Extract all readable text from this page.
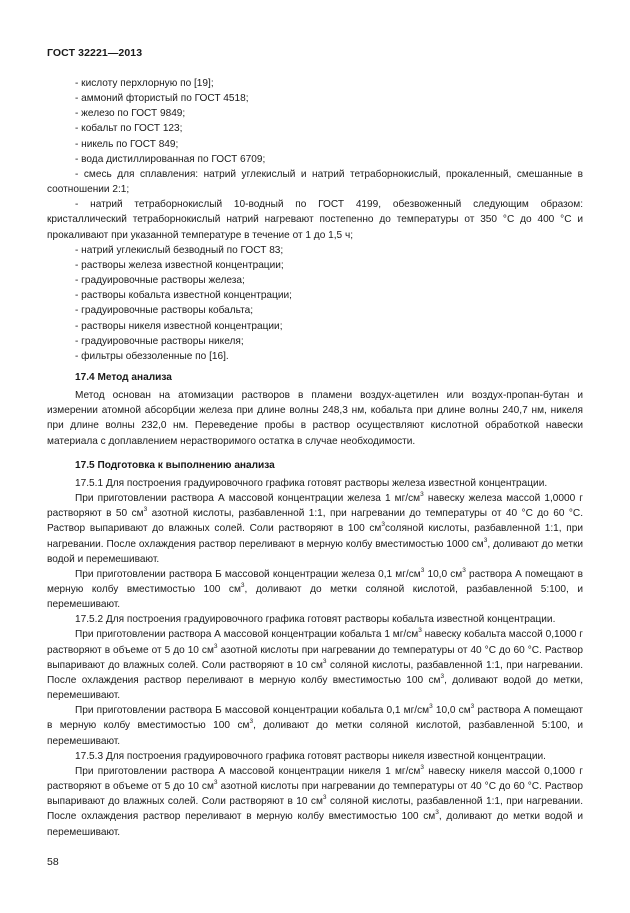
ГОСТ 32221—2013

- кислоту перхлорную по [19];

- аммоний фтористый по ГОСТ 4518;

- железо по ГОСТ 9849;

- кобальт по ГОСТ 123;

- никель по ГОСТ 849;

- вода дистиллированная по ГОСТ 6709;

- смесь для сплавления: натрий углекислый и натрий тетраборнокислый, прокаленный, смешанные в соотношении 2:1;

- натрий тетраборнокислый 10-водный по ГОСТ 4199, обезвоженный следующим образом: кристаллический тетраборнокислый натрий нагревают постепенно до температуры от 350 °С до 400 °С и прокаливают при указанной температуре в течение от 1 до 1,5 ч;

- натрий углекислый безводный по ГОСТ 83;

- растворы железа известной концентрации;

- градуировочные растворы железа;

- растворы кобальта известной концентрации;

- градуировочные растворы кобальта;

- растворы никеля известной концентрации;

- градуировочные растворы никеля;

- фильтры обеззоленные по [16].

17.4 Метод анализа

Метод основан на атомизации растворов в пламени воздух-ацетилен или воздух-пропан-бутан и измерении атомной абсорбции железа при длине волны 248,3 нм, кобальта при длине волны 240,7 нм, никеля при длине волны 232,0 нм. Переведение пробы в раствор осуществляют кислотной обработкой навески материала с доплавлением нерастворимого остатка в случае необходимости.

17.5 Подготовка к выполнению анализа

17.5.1 Для построения градуировочного графика готовят растворы железа известной концентрации.

При приготовлении раствора А массовой концентрации железа 1 $мг/см^3$ навеску железа массой 1,0000 г растворяют в 50 $см^3$ азотной кислоты, разбавленной 1:1, при нагревании до температуры от 40 °С до 60 °С. Раствор выпаривают до влажных солей. Соли растворяют в 100 $см^3соляной$ кислоты, разбавленной 1:1, при нагревании. После охлаждения раствор переливают в мерную колбу вместимостью 1000 $см^3$, доливают до метки водой и перемешивают.

При приготовлении раствора Б массовой концентрации железа 0,1 $мг/см^3$ 10,0 $см^3$ раствора А помещают в мерную колбу вместимостью 100 $см^3$, доливают до метки соляной кислотой, разбавленной 5:100, и перемешивают.

17.5.2 Для построения градуировочного графика готовят растворы кобальта известной концентрации.

При приготовлении раствора А массовой концентрации кобальта 1 $мг/см^3$ навеску кобальта массой 0,1000 г растворяют в объеме от 5 до 10 $см^3$ азотной кислоты при нагревании до температуры от 40 °С до 60 °С. Раствор выпаривают до влажных солей. Соли растворяют в 10 $см^3$ соляной кислоты, разбавленной 1:1, при нагревании. После охлаждения раствор переливают в мерную колбу вместимостью 100 $см^3$, доливают водой до метки, перемешивают.

При приготовлении раствора Б массовой концентрации кобальта 0,1 $мг/см^3$ 10,0 $см^3$ раствора А помещают в мерную колбу вместимостью 100 $см^3$, доливают до метки соляной кислотой, разбавленной 5:100, и перемешивают.

17.5.3 Для построения градуировочного графика готовят растворы никеля известной концентрации.

При приготовлении раствора А массовой концентрации никеля 1 $мг/см^3$ навеску никеля массой 0,1000 г растворяют в объеме от 5 до 10 $см^3$ азотной кислоты при нагревании до температуры от 40 °С до 60 °С. Раствор выпаривают до влажных солей. Соли растворяют в 10 $см^3$ соляной кислоты, разбавленной 1:1, при нагревании. После охлаждения раствор переливают в мерную колбу вместимостью 100 $см^3$, доливают до метки водой и перемешивают.

58
